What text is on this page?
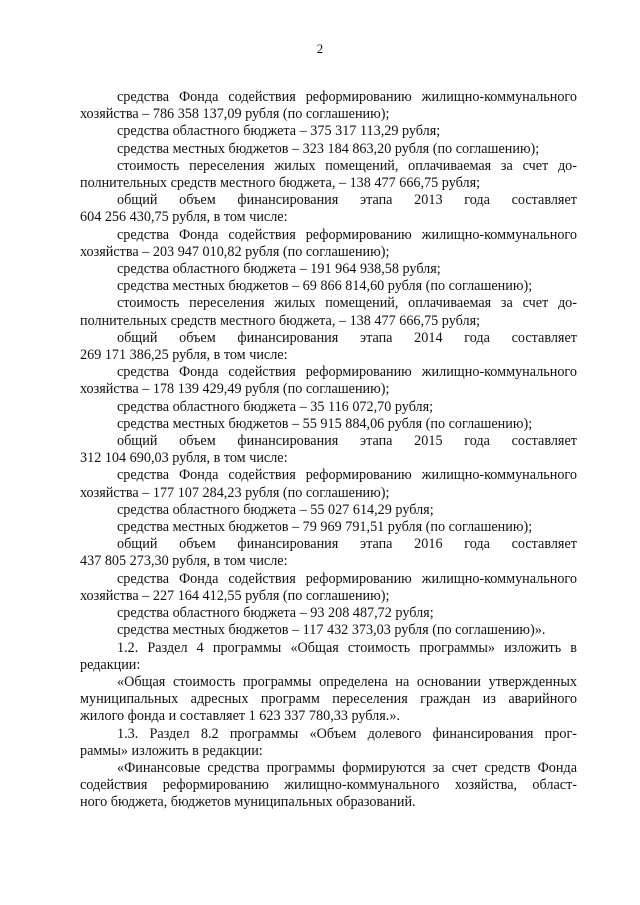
2
средства Фонда содействия реформированию жилищно-коммунального
хозяйства – 786 358 137,09 рубля (по соглашению);
средства областного бюджета – 375 317 113,29 рубля;
средства местных бюджетов – 323 184 863,20 рубля (по соглашению);
стоимость переселения жилых помещений, оплачиваемая за счет до-
полнительных средств местного бюджета, – 138 477 666,75 рубля;
общий объем финансирования этапа 2013 года составляет
604 256 430,75 рубля, в том числе:
средства Фонда содействия реформированию жилищно-коммунального
хозяйства – 203 947 010,82 рубля (по соглашению);
средства областного бюджета – 191 964 938,58 рубля;
средства местных бюджетов – 69 866 814,60 рубля (по соглашению);
стоимость переселения жилых помещений, оплачиваемая за счет до-
полнительных средств местного бюджета, – 138 477 666,75 рубля;
общий объем финансирования этапа 2014 года составляет
269 171 386,25 рубля, в том числе:
средства Фонда содействия реформированию жилищно-коммунального
хозяйства – 178 139 429,49 рубля (по соглашению);
средства областного бюджета – 35 116 072,70 рубля;
средства местных бюджетов – 55 915 884,06 рубля (по соглашению);
общий объем финансирования этапа 2015 года составляет
312 104 690,03 рубля, в том числе:
средства Фонда содействия реформированию жилищно-коммунального
хозяйства – 177 107 284,23 рубля (по соглашению);
средства областного бюджета – 55 027 614,29 рубля;
средства местных бюджетов – 79 969 791,51 рубля (по соглашению);
общий объем финансирования этапа 2016 года составляет
437 805 273,30 рубля, в том числе:
средства Фонда содействия реформированию жилищно-коммунального
хозяйства – 227 164 412,55 рубля (по соглашению);
средства областного бюджета – 93 208 487,72 рубля;
средства местных бюджетов – 117 432 373,03 рубля (по соглашению)».
1.2. Раздел 4 программы «Общая стоимость программы» изложить в
редакции:
«Общая стоимость программы определена на основании утвержденных
муниципальных адресных программ переселения граждан из аварийного
жилого фонда и составляет 1 623 337 780,33 рубля.».
1.3. Раздел 8.2 программы «Объем долевого финансирования прог-
раммы» изложить в редакции:
«Финансовые средства программы формируются за счет средств Фонда
содействия реформированию жилищно-коммунального хозяйства, област-
ного бюджета, бюджетов муниципальных образований.
